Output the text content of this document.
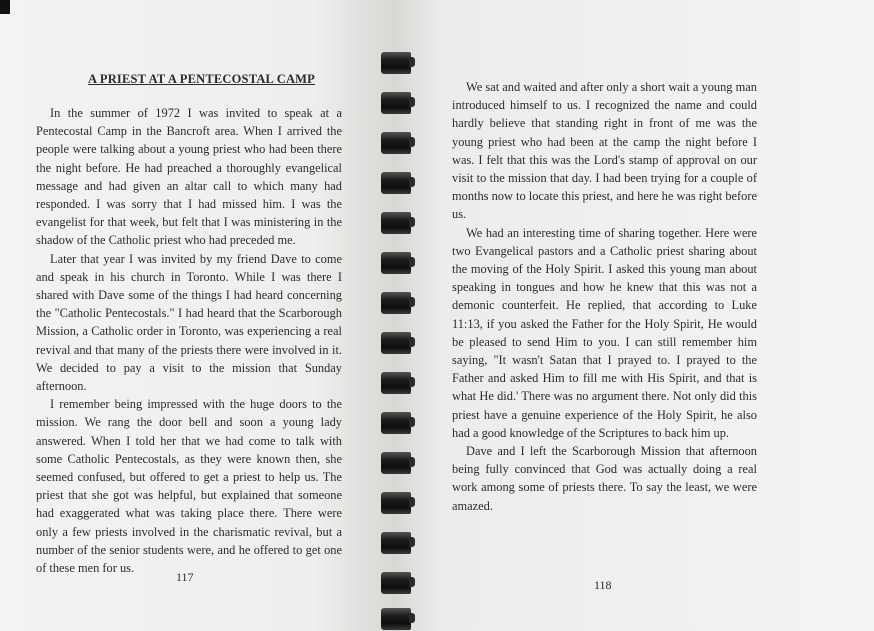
A PRIEST AT A PENTECOSTAL CAMP

In the summer of 1972 I was invited to speak at a Pentecostal Camp in the Bancroft area. When I arrived the people were talking about a young priest who had been there the night before. He had preached a thoroughly evangelical message and had given an altar call to which many had responded. I was sorry that I had missed him. I was the evangelist for that week, but felt that I was ministering in the shadow of the Catholic priest who had preceded me.

Later that year I was invited by my friend Dave to come and speak in his church in Toronto. While I was there I shared with Dave some of the things I had heard concerning the "Catholic Pentecostals." I had heard that the Scarborough Mission, a Catholic order in Toronto, was experiencing a real revival and that many of the priests there were involved in it. We decided to pay a visit to the mission that Sunday afternoon.

I remember being impressed with the huge doors to the mission. We rang the door bell and soon a young lady answered. When I told her that we had come to talk with some Catholic Pentecostals, as they were known then, she seemed confused, but offered to get a priest to help us. The priest that she got was helpful, but explained that someone had exaggerated what was taking place there. There were only a few priests involved in the charismatic revival, but a number of the senior students were, and he offered to get one of these men for us.

117

We sat and waited and after only a short wait a young man introduced himself to us. I recognized the name and could hardly believe that standing right in front of me was the young priest who had been at the camp the night before I was. I felt that this was the Lord's stamp of approval on our visit to the mission that day. I had been trying for a couple of months now to locate this priest, and here he was right before us.

We had an interesting time of sharing together. Here were two Evangelical pastors and a Catholic priest sharing about the moving of the Holy Spirit. I asked this young man about speaking in tongues and how he knew that this was not a demonic counterfeit. He replied, that according to Luke 11:13, if you asked the Father for the Holy Spirit, He would be pleased to send Him to you. I can still remember him saying, "It wasn't Satan that I prayed to. I prayed to the Father and asked Him to fill me with His Spirit, and that is what He did.' There was no argument there. Not only did this priest have a genuine experience of the Holy Spirit, he also had a good knowledge of the Scriptures to back him up.

Dave and I left the Scarborough Mission that afternoon being fully convinced that God was actually doing a real work among some of priests there. To say the least, we were amazed.

118
